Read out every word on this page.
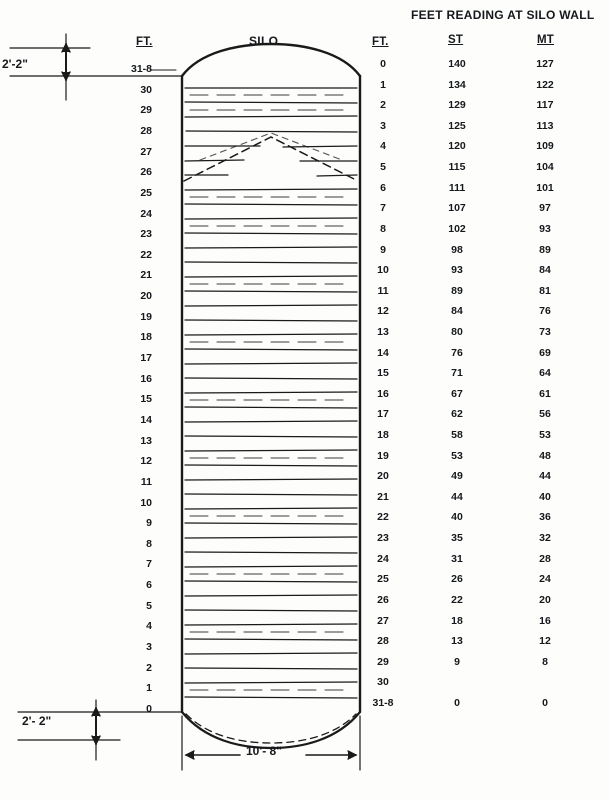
FEET READING AT SILO WALL
FT.	SILO	FT.	ST	MT
2'-2"
2'- 2"
10'- 8"
31-8
30
29
28
27
26
25
24
23
22
21
20
19
18
17
16
15
14
13
12
11
10
9
8
7
6
5
4
3
2
1
0
0	140	127
1	134	122
2	129	117
3	125	113
4	120	109
5	115	104
6	111	101
7	107	97
8	102	93
9	98	89
10	93	84
11	89	81
12	84	76
13	80	73
14	76	69
15	71	64
16	67	61
17	62	56
18	58	53
19	53	48
20	49	44
21	44	40
22	40	36
23	35	32
24	31	28
25	26	24
26	22	20
27	18	16
28	13	12
29	9	8
30
31-8	0	0
